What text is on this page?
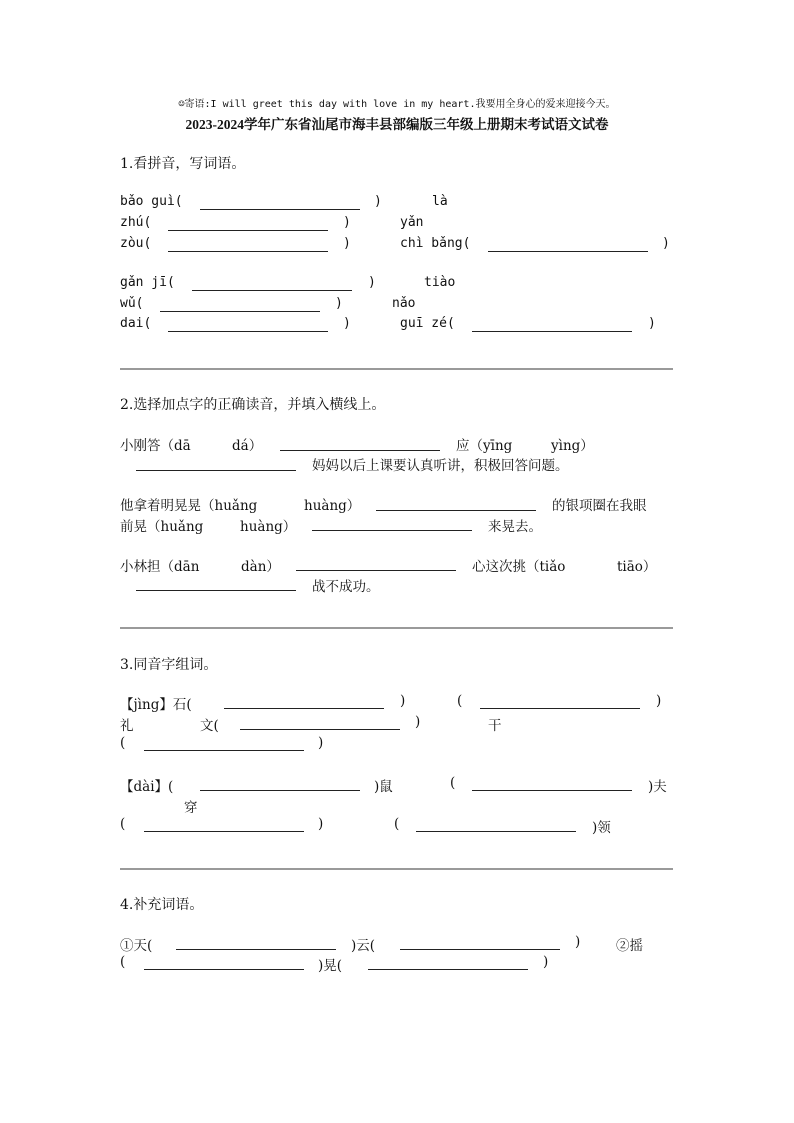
☺寄语:I will greet this day with love in my heart.我要用全身心的爱来迎接今天。
2023-2024学年广东省汕尾市海丰县部编版三年级上册期末考试语文试卷
1.看拼音，写词语。
bǎo guì(	)	là
zhú(	)	yǎn
zòu(	)	chì bǎng(	)
gǎn jī(	)	tiào
wǔ(	)	nǎo
dai(	)	guī zé(	)
2.选择加点字的正确读音，并填入横线上。
小刚答（dā	dá）	应（yīng	yìng）
妈妈以后上课要认真听讲，积极回答问题。
他拿着明晃晃（huǎng	huàng）	的银项圈在我眼
前晃（huǎng	huàng）	来晃去。
小林担（dān	dàn）	心这次挑（tiǎo	tiāo）
战不成功。
3.同音字组词。
【jìng】石(	)	(	)
礼	文(	)	干
(	)
【dài】(	)鼠	(	)夫
穿
(	)	(	)领
4.补充词语。
①天(	)云(	)	②摇
(	)晃(	)
